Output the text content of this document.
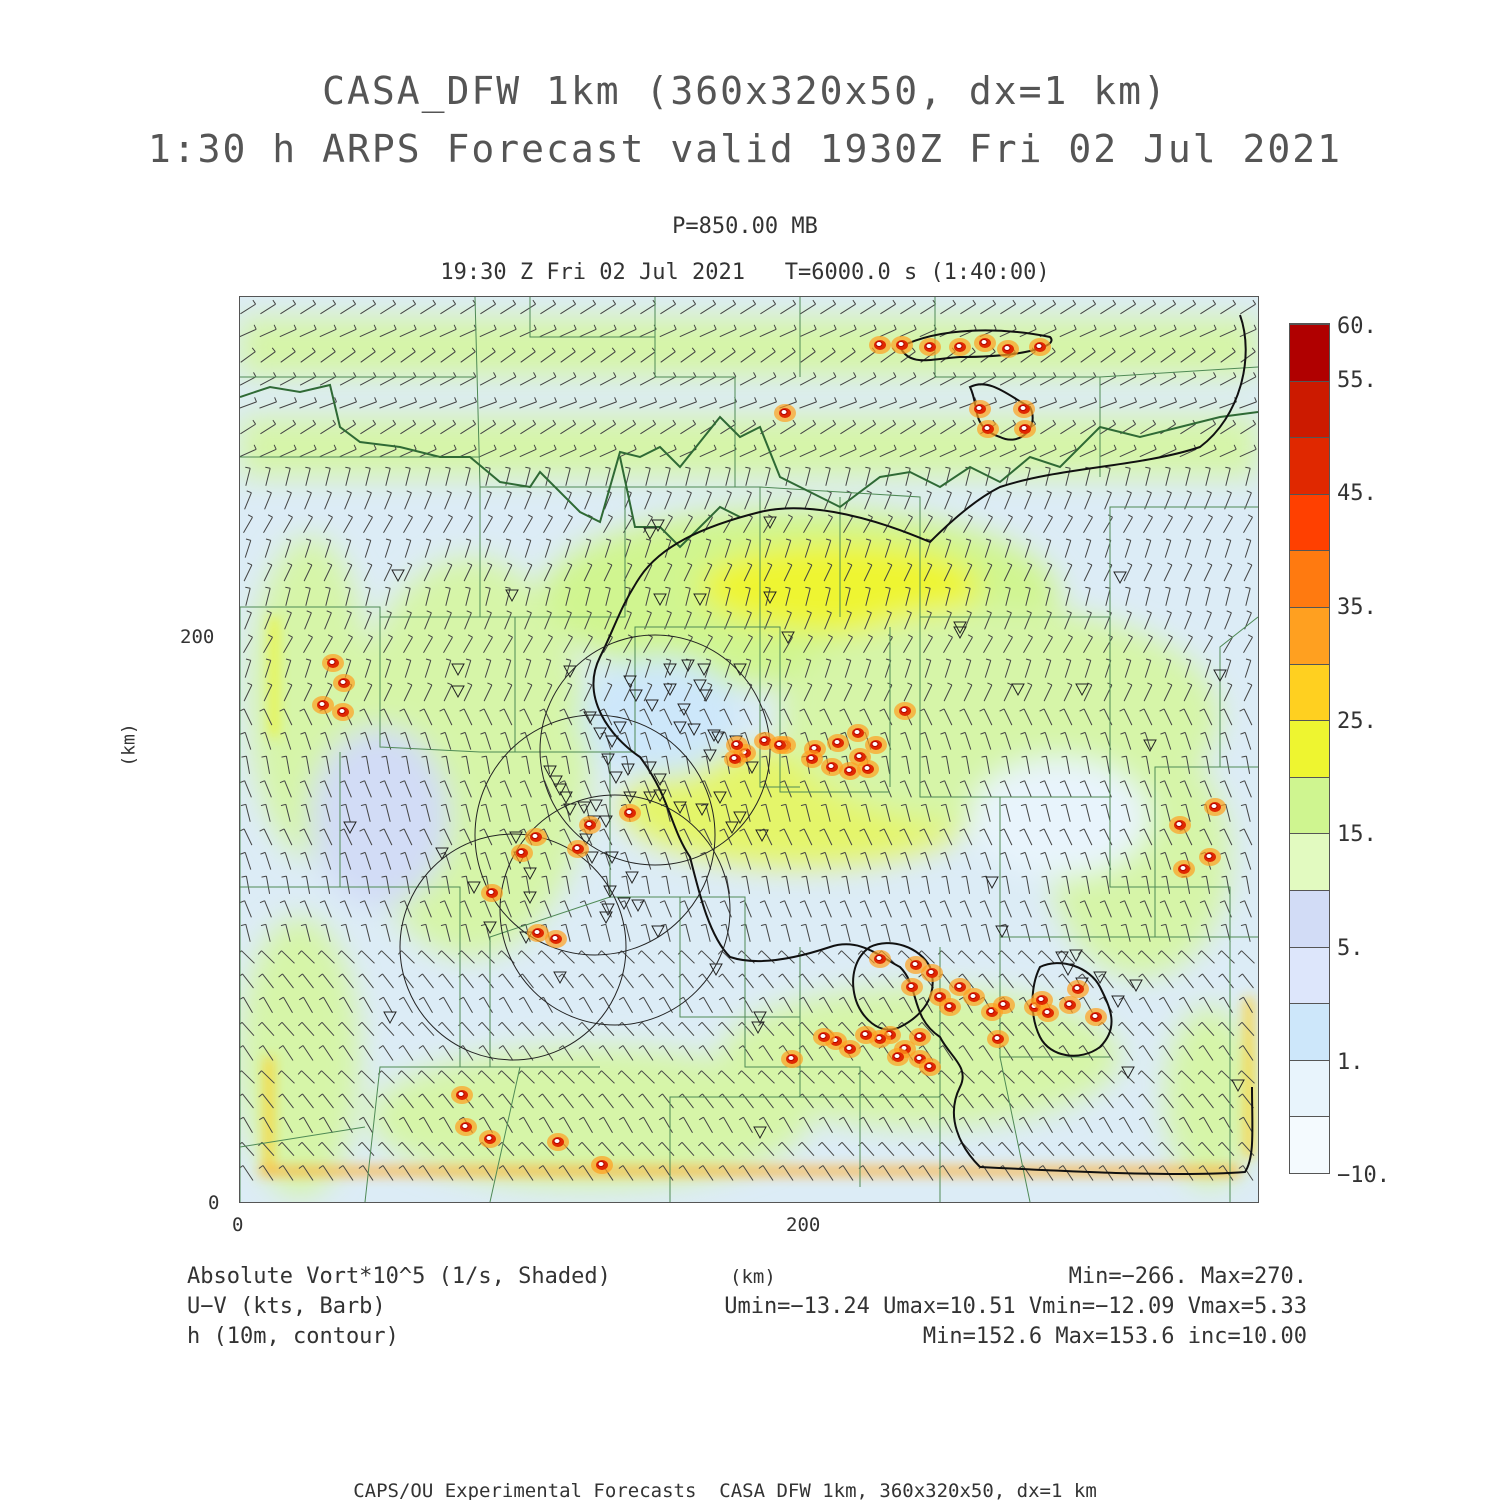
CASA_DFW 1km (360x320x50, dx=1 km)
1:30 h ARPS Forecast valid 1930Z Fri 02 Jul 2021
P=850.00 MB
19:30 Z Fri 02 Jul 2021   T=6000.0 s (1:40:00)
(km)
200
0
0	200
60.
55.
45.
35.
25.
15.
5.
1.
−10.
(km)
Absolute Vort*10^5 (1/s, Shaded)	Min=−266. Max=270.
U−V (kts, Barb)	Umin=−13.24 Umax=10.51 Vmin=−12.09 Vmax=5.33
h (10m, contour)	Min=152.6 Max=153.6 inc=10.00
CAPS/OU Experimental Forecasts  CASA DFW 1km, 360x320x50, dx=1 km
